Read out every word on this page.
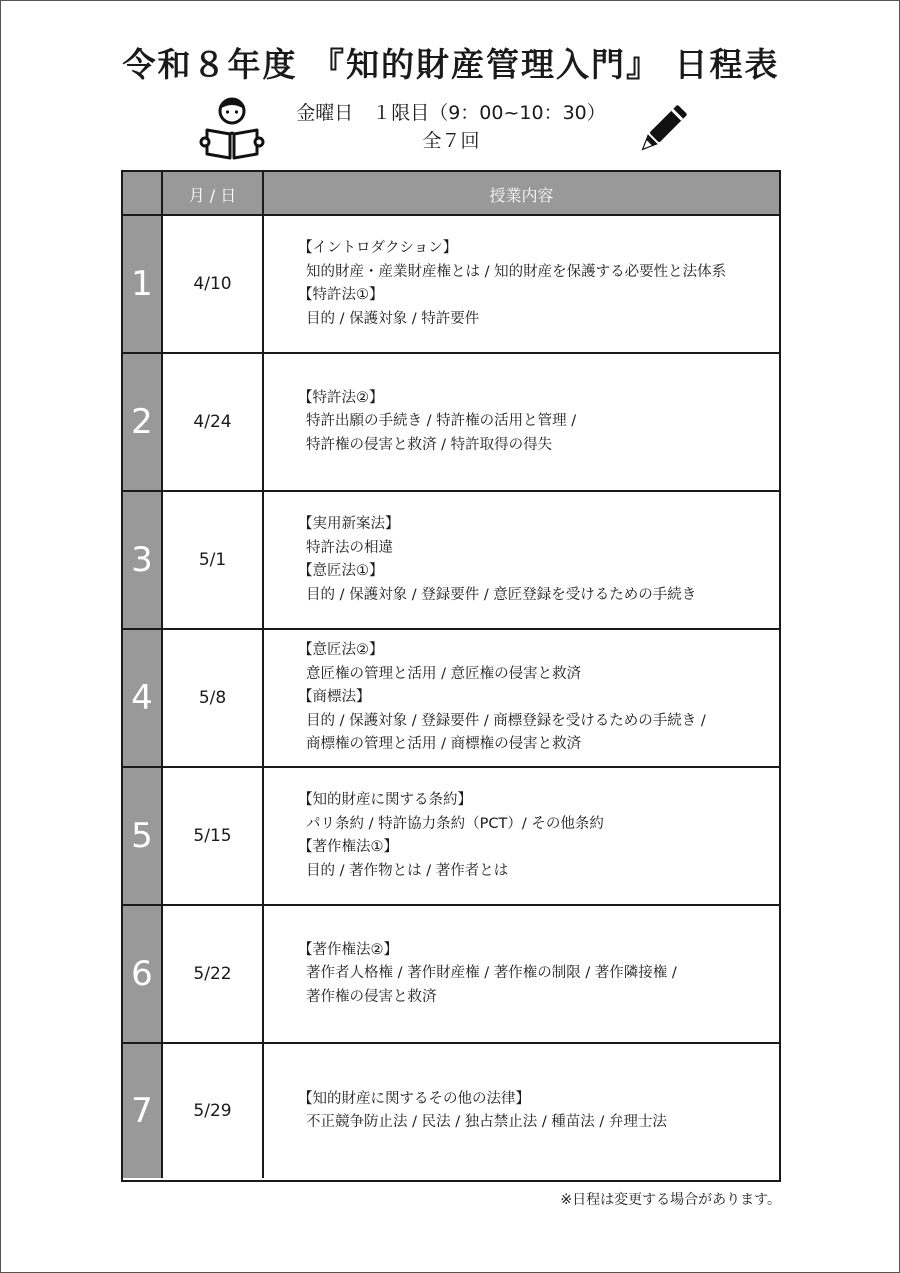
令和８年度 『知的財産管理入門』 日程表
金曜日　１限目（9：00~10：30）
全７回
月 / 日	授業内容
1	4/10
【イントロダクション】
知的財産・産業財産権とは / 知的財産を保護する必要性と法体系
【特許法①】
目的 / 保護対象 / 特許要件
2	4/24
【特許法②】
特許出願の手続き / 特許権の活用と管理 /
特許権の侵害と救済 / 特許取得の得失
3	5/1
【実用新案法】
特許法の相違
【意匠法①】
目的 / 保護対象 / 登録要件 / 意匠登録を受けるための手続き
4	5/8
【意匠法②】
意匠権の管理と活用 / 意匠権の侵害と救済
【商標法】
目的 / 保護対象 / 登録要件 / 商標登録を受けるための手続き /
商標権の管理と活用 / 商標権の侵害と救済
5	5/15
【知的財産に関する条約】
パリ条約 / 特許協力条約（PCT）/ その他条約
【著作権法①】
目的 / 著作物とは / 著作者とは
6	5/22
【著作権法②】
著作者人格権 / 著作財産権 / 著作権の制限 / 著作隣接権 /
著作権の侵害と救済
7	5/29
【知的財産に関するその他の法律】
不正競争防止法 / 民法 / 独占禁止法 / 種苗法 / 弁理士法
※日程は変更する場合があります。
